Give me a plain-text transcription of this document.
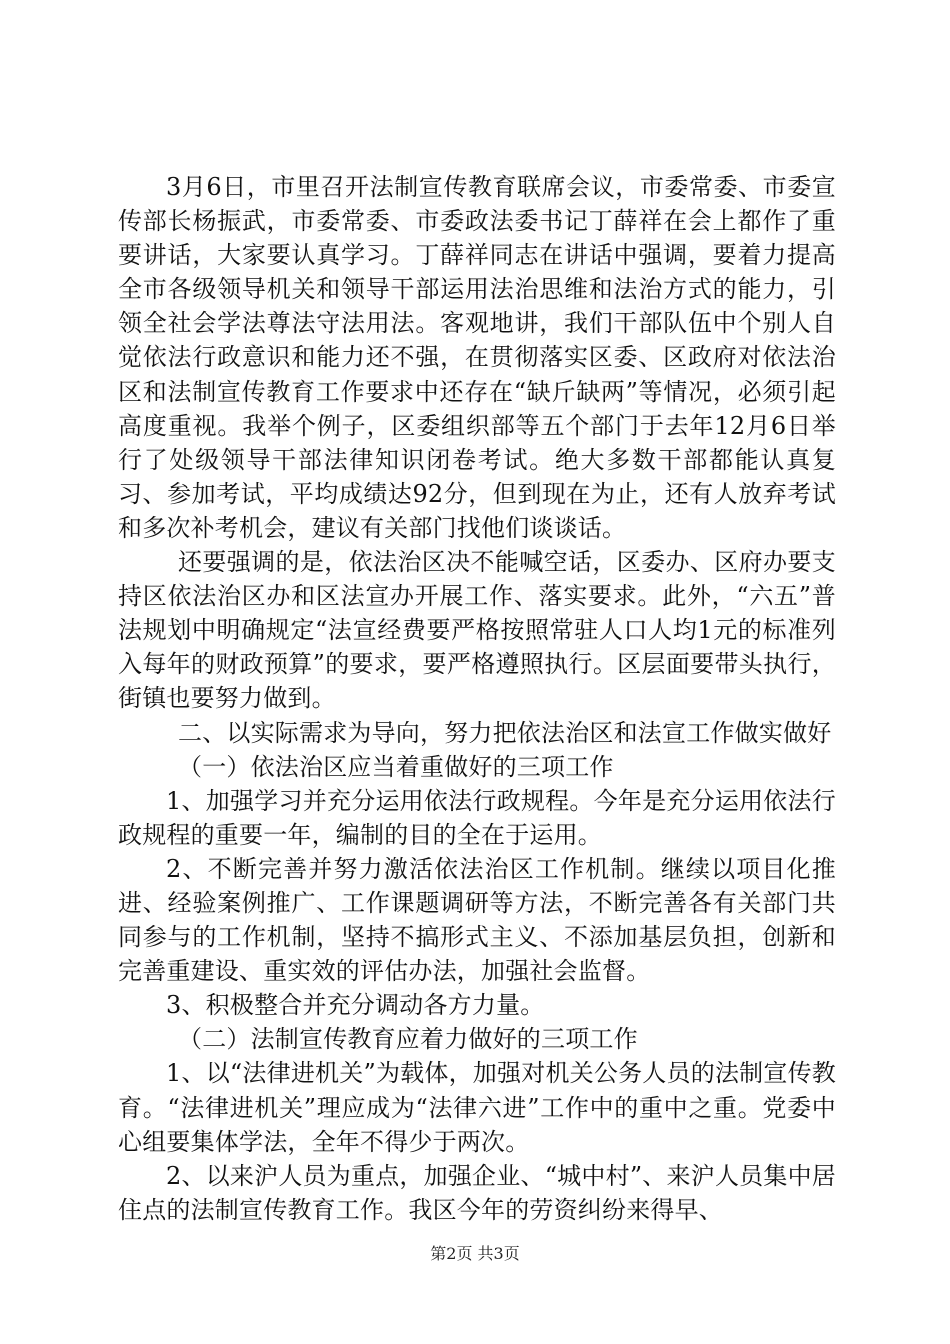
3月6日，市里召开法制宣传教育联席会议，市委常委、市委宣传部长杨振武，市委常委、市委政法委书记丁薛祥在会上都作了重要讲话，大家要认真学习。丁薛祥同志在讲话中强调，要着力提高全市各级领导机关和领导干部运用法治思维和法治方式的能力，引领全社会学法尊法守法用法。客观地讲，我们干部队伍中个别人自觉依法行政意识和能力还不强，在贯彻落实区委、区政府对依法治区和法制宣传教育工作要求中还存在“缺斤缺两”等情况，必须引起高度重视。我举个例子，区委组织部等五个部门于去年12月6日举行了处级领导干部法律知识闭卷考试。绝大多数干部都能认真复习、参加考试，平均成绩达92分，但到现在为止，还有人放弃考试和多次补考机会，建议有关部门找他们谈谈话。

还要强调的是，依法治区决不能喊空话，区委办、区府办要支持区依法治区办和区法宣办开展工作、落实要求。此外，“六五”普法规划中明确规定“法宣经费要严格按照常驻人口人均1元的标准列入每年的财政预算”的要求，要严格遵照执行。区层面要带头执行，街镇也要努力做到。

二、以实际需求为导向，努力把依法治区和法宣工作做实做好

（一）依法治区应当着重做好的三项工作

1、加强学习并充分运用依法行政规程。今年是充分运用依法行政规程的重要一年，编制的目的全在于运用。

2、不断完善并努力激活依法治区工作机制。继续以项目化推进、经验案例推广、工作课题调研等方法，不断完善各有关部门共同参与的工作机制，坚持不搞形式主义、不添加基层负担，创新和完善重建设、重实效的评估办法，加强社会监督。

3、积极整合并充分调动各方力量。

（二）法制宣传教育应着力做好的三项工作

1、以“法律进机关”为载体，加强对机关公务人员的法制宣传教育。“法律进机关”理应成为“法律六进”工作中的重中之重。党委中心组要集体学法，全年不得少于两次。

2、以来沪人员为重点，加强企业、“城中村”、来沪人员集中居住点的法制宣传教育工作。我区今年的劳资纠纷来得早、

第2页 共3页
